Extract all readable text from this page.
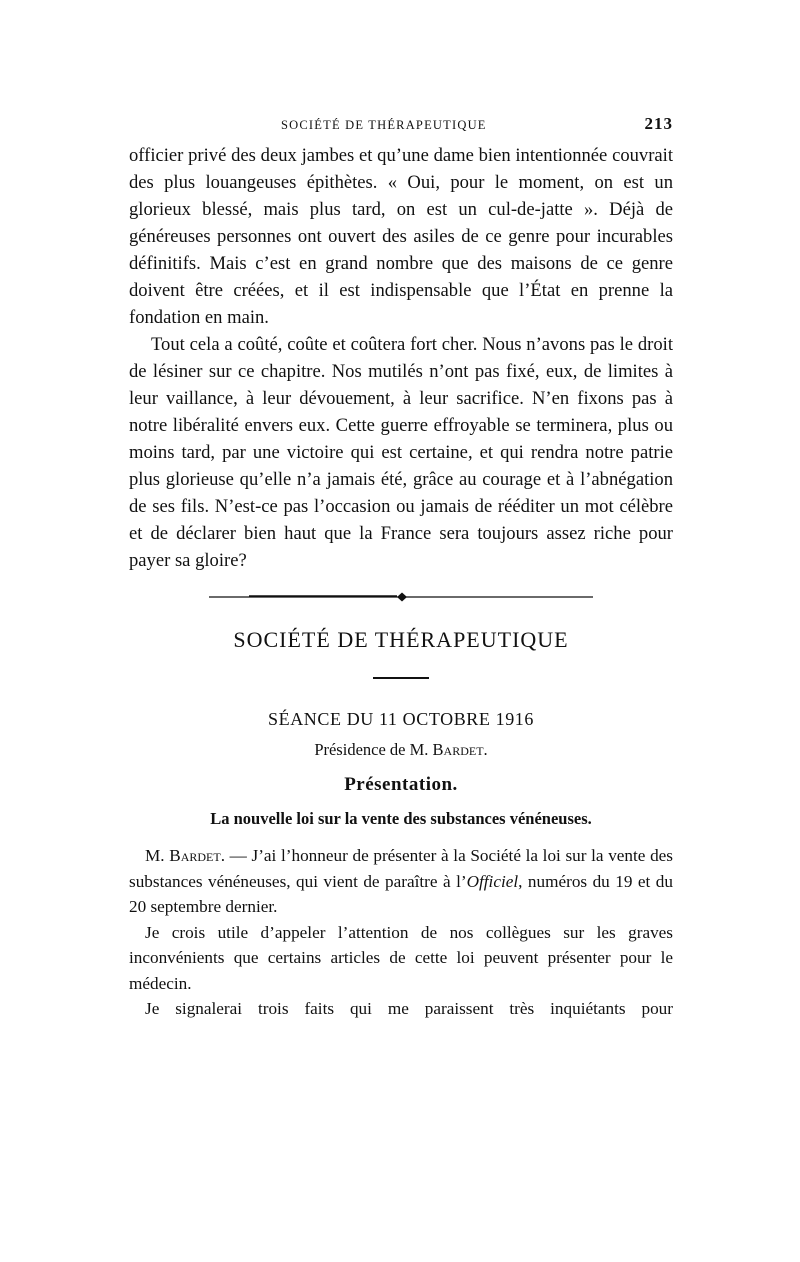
SOCIÉTÉ DE THÉRAPEUTIQUE	213

officier privé des deux jambes et qu’une dame bien intentionnée couvrait des plus louangeuses épithètes. « Oui, pour le moment, on est un glorieux blessé, mais plus tard, on est un cul-de-jatte ». Déjà de généreuses personnes ont ouvert des asiles de ce genre pour incurables définitifs. Mais c’est en grand nombre que des maisons de ce genre doivent être créées, et il est indispensable que l’État en prenne la fondation en main.

Tout cela a coûté, coûte et coûtera fort cher. Nous n’avons pas le droit de lésiner sur ce chapitre. Nos mutilés n’ont pas fixé, eux, de limites à leur vaillance, à leur dévouement, à leur sacrifice. N’en fixons pas à notre libéralité envers eux. Cette guerre effroyable se terminera, plus ou moins tard, par une victoire qui est certaine, et qui rendra notre patrie plus glorieuse qu’elle n’a jamais été, grâce au courage et à l’abnégation de ses fils. N’est-ce pas l’occasion ou jamais de rééditer un mot célèbre et de déclarer bien haut que la France sera toujours assez riche pour payer sa gloire?

SOCIÉTÉ DE THÉRAPEUTIQUE
SÉANCE DU 11 OCTOBRE 1916
Présidence de M. Bardet.
Présentation.
La nouvelle loi sur la vente des substances vénéneuses.

M. Bardet. — J’ai l’honneur de présenter à la Société la loi sur la vente des substances vénéneuses, qui vient de paraître à l’Officiel, numéros du 19 et du 20 septembre dernier.

Je crois utile d’appeler l’attention de nos collègues sur les graves inconvénients que certains articles de cette loi peuvent présenter pour le médecin.

Je signalerai trois faits qui me paraissent très inquiétants pour
